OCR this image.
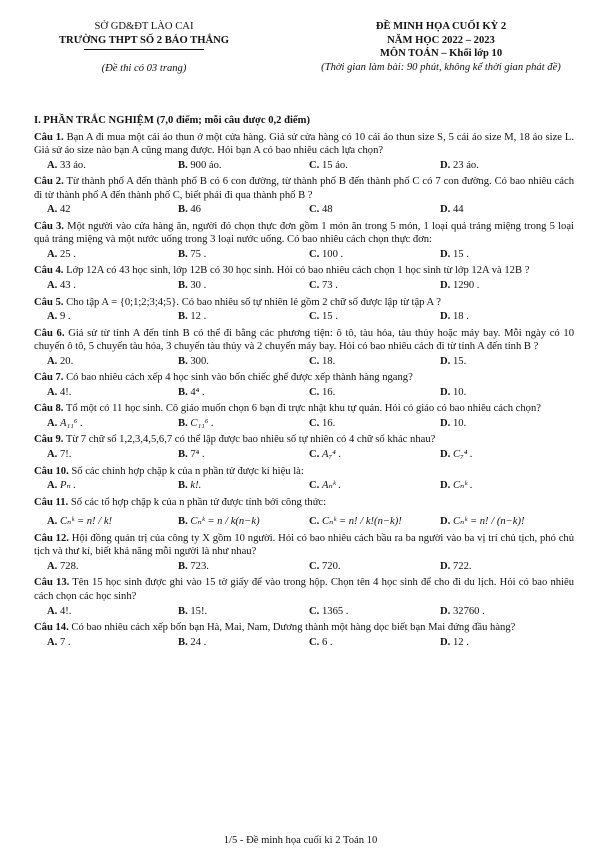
SỞ GD&ĐT LÀO CAI
TRƯỜNG THPT SỐ 2 BẢO THẮNG
(Đề thi có 03 trang)
ĐỀ MINH HỌA CUỐI KỲ 2
NĂM HỌC 2022 – 2023
MÔN TOÁN – Khối lớp 10
(Thời gian làm bài: 90 phút, không kể thời gian phát đề)
I. PHẦN TRẮC NGHIỆM (7,0 điểm; mỗi câu được 0,2 điểm)
Câu 1. Bạn A đi mua một cái áo thun ở một cửa hàng. Giả sử cửa hàng có 10 cái áo thun size S, 5 cái áo size M, 18 áo size L. Giả sử áo size nào bạn A cũng mang được. Hỏi bạn A có bao nhiêu cách lựa chọn?
A. 33 áo.	B. 900 áo.	C. 15 áo.	D. 23 áo.
Câu 2. Từ thành phố A đến thành phố B có 6 con đường, từ thành phố B đến thành phố C có 7 con đường. Có bao nhiêu cách đi từ thành phố A đến thành phố C, biết phải đi qua thành phố B ?
A. 42	B. 46	C. 48	D. 44
Câu 3. Một người vào cửa hàng ăn, người đó chọn thực đơn gồm 1 món ăn trong 5 món, 1 loại quả tráng miệng trong 5 loại quả tráng miệng và một nước uống trong 3 loại nước uống. Có bao nhiêu cách chọn thực đơn:
A. 25 .	B. 75 .	C. 100 .	D. 15 .
Câu 4. Lớp 12A có 43 học sinh, lớp 12B có 30 học sinh. Hỏi có bao nhiêu cách chọn 1 học sinh từ lớp 12A và 12B ?
A. 43 .	B. 30 .	C. 73 .	D. 1290 .
Câu 5. Cho tập A = {0;1;2;3;4;5}. Có bao nhiêu số tự nhiên lẻ gồm 2 chữ số được lập từ tập A ?
A. 9 .	B. 12 .	C. 15 .	D. 18 .
Câu 6. Giả sử từ tỉnh A đến tỉnh B có thể đi bằng các phương tiện: ô tô, tàu hỏa, tàu thủy hoặc máy bay. Mỗi ngày có 10 chuyến ô tô, 5 chuyến tàu hỏa, 3 chuyến tàu thủy và 2 chuyến máy bay. Hỏi có bao nhiêu cách đi từ tỉnh A đến tỉnh B ?
A. 20.	B. 300.	C. 18.	D. 15.
Câu 7. Có bao nhiêu cách xếp 4 học sinh vào bốn chiếc ghế được xếp thành hàng ngang?
A. 4!.	B. 4⁴ .	C. 16.	D. 10.
Câu 8. Tổ một có 11 học sinh. Cô giáo muốn chọn 6 bạn đi trực nhật khu tự quản. Hỏi có giáo có bao nhiêu cách chọn?
A. A₁₁⁶ .	B. C₁₁⁶ .	C. 16.	D. 10.
Câu 9. Từ 7 chữ số 1,2,3,4,5,6,7 có thể lập được bao nhiêu số tự nhiên có 4 chữ số khác nhau?
A. 7!.	B. 7⁴ .	C. A₇⁴ .	D. C₇⁴ .
Câu 10. Số các chỉnh hợp chập k của n phần tử được kí hiệu là:
A. Pₙ .	B. k!.	C. Aₙᵏ .	D. Cₙᵏ .
Câu 11. Số các tổ hợp chập k của n phần tử được tính bởi công thức:
A. Cₙᵏ = n! / k!	B. Cₙᵏ = n / k(n−k)	C. Cₙᵏ = n! / k!(n−k)!	D. Cₙᵏ = n! / (n−k)!
Câu 12. Hội đồng quản trị của công ty X gồm 10 người. Hỏi có bao nhiêu cách bầu ra ba người vào ba vị trí chủ tịch, phó chủ tịch và thư kí, biết khả năng mỗi người là như nhau?
A. 728.	B. 723.	C. 720.	D. 722.
Câu 13. Tên 15 học sinh được ghi vào 15 tờ giấy để vào trong hộp. Chọn tên 4 học sinh để cho đi du lịch. Hỏi có bao nhiêu cách chọn các học sinh?
A. 4!.	B. 15!.	C. 1365 .	D. 32760 .
Câu 14. Có bao nhiêu cách xếp bốn bạn Hà, Mai, Nam, Dương thành một hàng dọc biết bạn Mai đứng đầu hàng?
A. 7 .	B. 24 .	C. 6 .	D. 12 .
1/5 - Đề minh họa cuối kì 2 Toán 10
